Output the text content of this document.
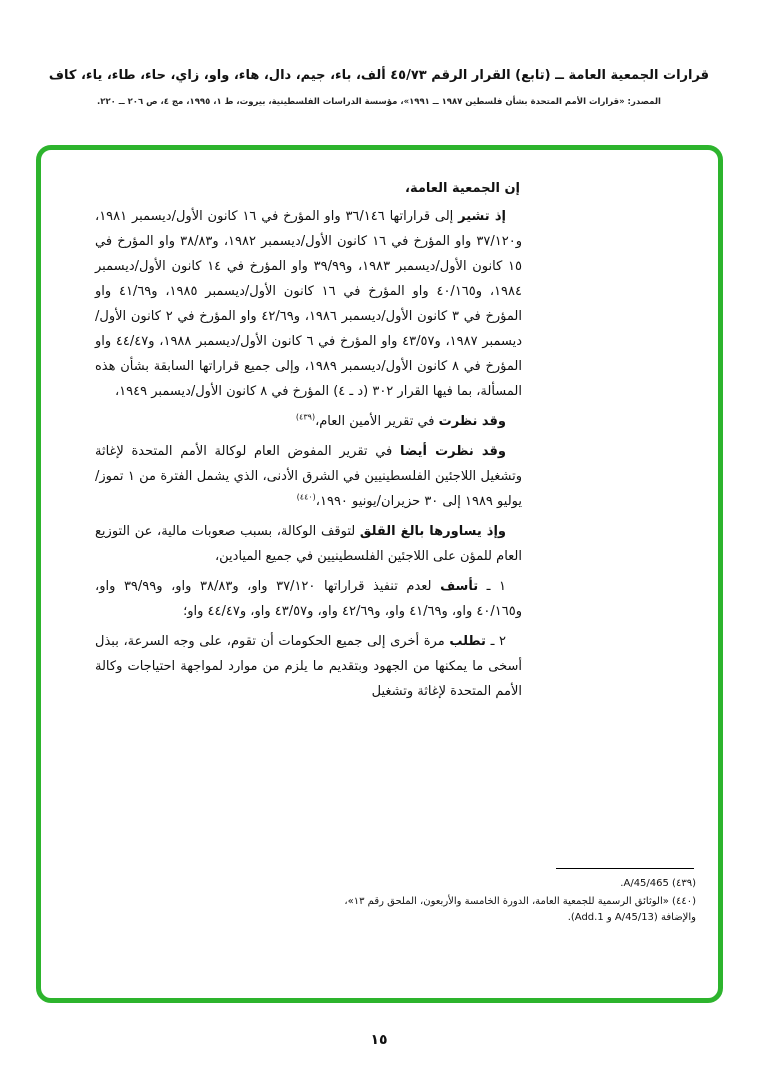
قرارات الجمعية العامة ــ (تابع) القرار الرقم ٤٥/٧٣ ألف، باء، جيم، دال، هاء، واو، زاي، حاء، طاء، ياء، كاف
المصدر: «قرارات الأمم المتحدة بشأن فلسطين ١٩٨٧ ــ ١٩٩١»، مؤسسة الدراسات الفلسطينية، بيروت، ط ١، ١٩٩٥، مج ٤، ص ٢٠٦ ــ ٢٢٠.

إن الجمعية العامة،

إذ تشير إلى قراراتها ٣٦/١٤٦ واو المؤرخ في ١٦ كانون الأول/ديسمبر ١٩٨١، و٣٧/١٢٠ واو المؤرخ في ١٦ كانون الأول/ديسمبر ١٩٨٢، و٣٨/٨٣ واو المؤرخ في ١٥ كانون الأول/ديسمبر ١٩٨٣، و٣٩/٩٩ واو المؤرخ في ١٤ كانون الأول/ديسمبر ١٩٨٤، و٤٠/١٦٥ واو المؤرخ في ١٦ كانون الأول/ديسمبر ١٩٨٥، و٤١/٦٩ واو المؤرخ في ٣ كانون الأول/ديسمبر ١٩٨٦، و٤٢/٦٩ واو المؤرخ في ٢ كانون الأول/ديسمبر ١٩٨٧، و٤٣/٥٧ واو المؤرخ في ٦ كانون الأول/ديسمبر ١٩٨٨، و٤٤/٤٧ واو المؤرخ في ٨ كانون الأول/ديسمبر ١٩٨٩، وإلى جميع قراراتها السابقة بشأن هذه المسألة، بما فيها القرار ٣٠٢ (د ـ ٤) المؤرخ في ٨ كانون الأول/ديسمبر ١٩٤٩،

وقد نظرت في تقرير الأمين العام،$^{(٤٣٩)}$

وقد نظرت أيضا في تقرير المفوض العام لوكالة الأمم المتحدة لإغاثة وتشغيل اللاجئين الفلسطينيين في الشرق الأدنى، الذي يشمل الفترة من ١ تموز/يوليو ١٩٨٩ إلى ٣٠ حزيران/يونيو ١٩٩٠،$^{(٤٤٠)}$

وإذ يساورها بالغ القلق لتوقف الوكالة، بسبب صعوبات مالية، عن التوزيع العام للمؤن على اللاجئين الفلسطينيين في جميع الميادين،

١ ـ تأسف لعدم تنفيذ قراراتها ٣٧/١٢٠ واو، و٣٨/٨٣ واو، و٣٩/٩٩ واو، و٤٠/١٦٥ واو، و٤١/٦٩ واو، و٤٢/٦٩ واو، و٤٣/٥٧ واو، و٤٤/٤٧ واو؛

٢ ـ تطلب مرة أخرى إلى جميع الحكومات أن تقوم، على وجه السرعة، ببذل أسخى ما يمكنها من الجهود وبتقديم ما يلزم من موارد لمواجهة احتياجات وكالة الأمم المتحدة لإغاثة وتشغيل

(٤٣٩) A/45/465.
(٤٤٠) «الوثائق الرسمية للجمعية العامة، الدورة الخامسة والأربعون، الملحق رقم ١٣»، والإضافة (A/45/13 و Add.1).
١٥
